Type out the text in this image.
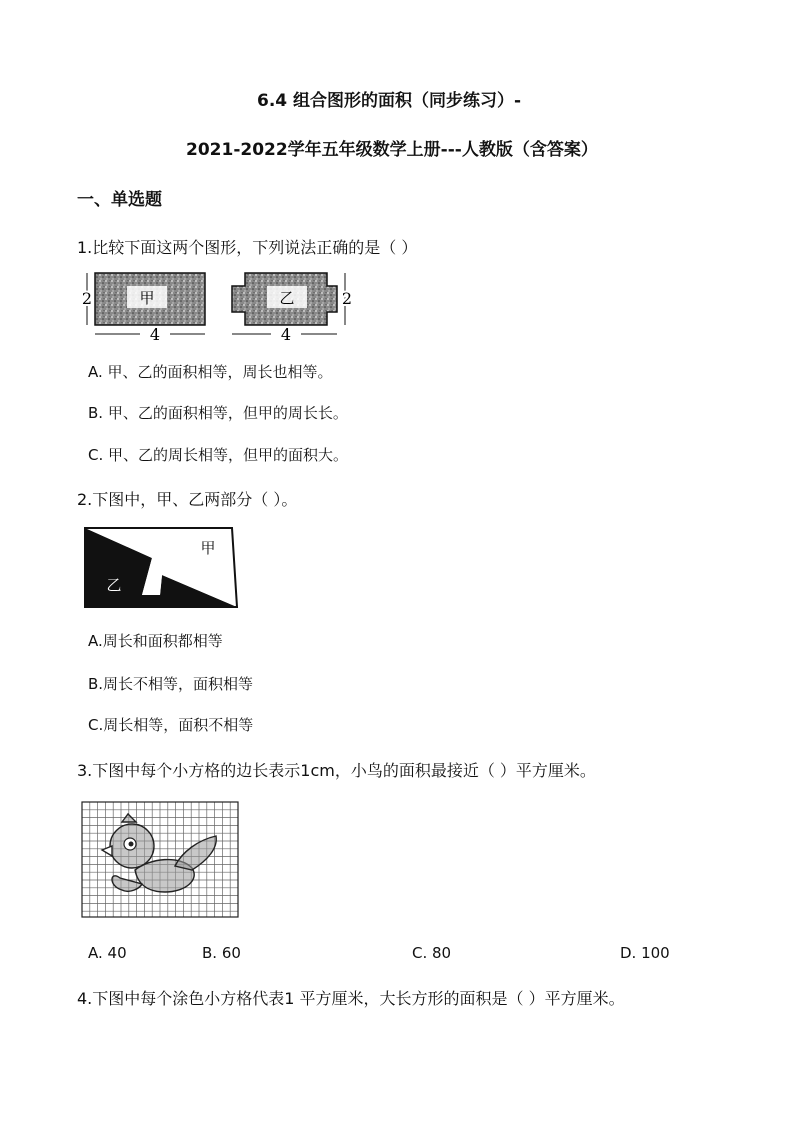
6.4 组合图形的面积（同步练习）-
2021-2022学年五年级数学上册---人教版（含答案）
一、单选题
1.比较下面这两个图形，下列说法正确的是（ ）
甲
2
4
乙	2
4
A. 甲、乙的面积相等，周长也相等。
B. 甲、乙的面积相等，但甲的周长长。
C. 甲、乙的周长相等，但甲的面积大。
2.下图中，甲、乙两部分（ ）。
甲
乙
A.周长和面积都相等
B.周长不相等，面积相等
C.周长相等，面积不相等
3.下图中每个小方格的边长表示1cm，小鸟的面积最接近（ ）平方厘米。
A. 40	B. 60	C. 80	D. 100
4.下图中每个涂色小方格代表1 平方厘米，大长方形的面积是（ ）平方厘米。
